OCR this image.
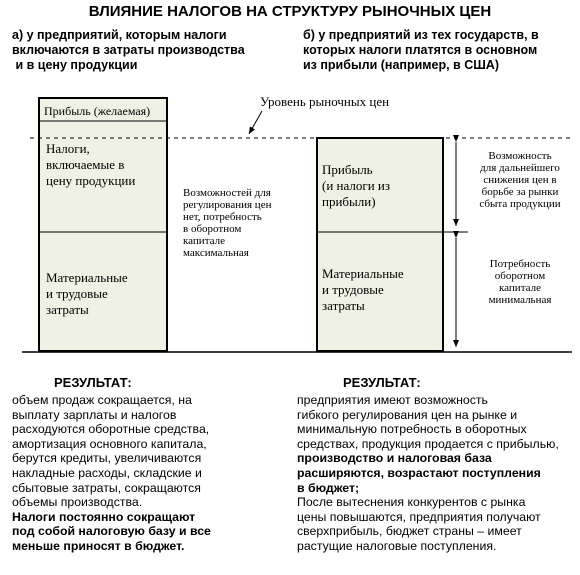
ВЛИЯНИЕ НАЛОГОВ НА СТРУКТУРУ РЫНОЧНЫХ ЦЕН
а) у предприятий, которым налоги
включаются в затраты производства
и в цену продукции
б) у предприятий из тех государств, в
которых налоги платятся в основном
из прибыли (например, в США)
Прибыль (желаемая)
Налоги,
включаемые в
цену продукции
Материальные
и трудовые
затраты
Прибыль
(и налоги из
прибыли)
Материальные
и трудовые
затраты
Уровень рыночных цен
Возможностей для
регулирования цен
нет, потребность
в оборотном
капитале
максимальная
Возможность
для дальнейшего
снижения цен в
борьбе за рынки
сбыта продукции
Потребность
оборотном
капитале
минимальная
РЕЗУЛЬТАТ:
объем продаж сокращается, на
выплату зарплаты и налогов
расходуются оборотные средства,
амортизация основного капитала,
берутся кредиты, увеличиваются
накладные расходы, складские и
сбытовые затраты, сокращаются
объемы производства.
Налоги постоянно сокращают
под собой налоговую базу и все
меньше приносят в бюджет.
РЕЗУЛЬТАТ:
предприятия имеют возможность
гибкого регулирования цен на рынке и
минимальную потребность в оборотных
средствах, продукция продается с прибылью,
производство и налоговая база
расширяются, возрастают поступления
в бюджет;
После вытеснения конкурентов с рынка
цены повышаются, предприятия получают
сверхприбыль, бюджет страны – имеет
растущие налоговые поступления.
